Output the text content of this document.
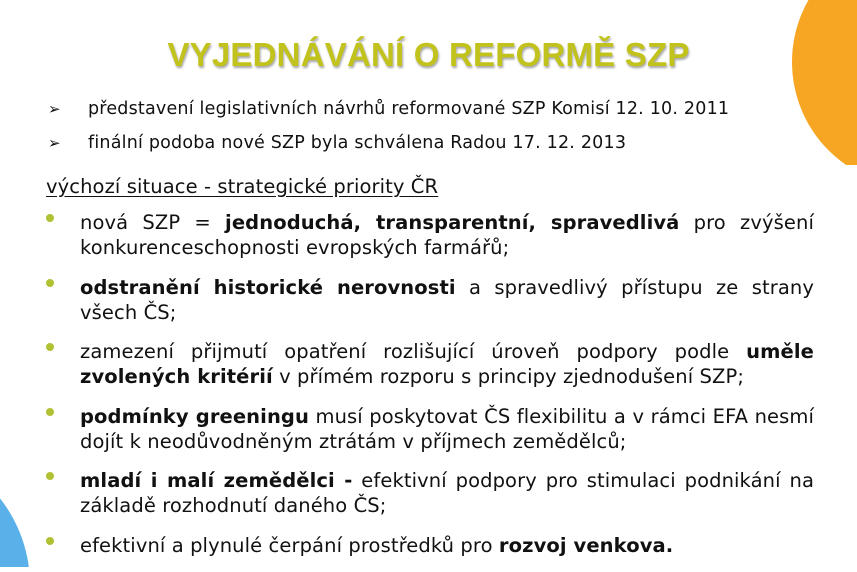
VYJEDNÁVÁNÍ O REFORMĚ SZP
➢	představení legislativních návrhů reformované SZP Komisí 12. 10. 2011
➢	finální podoba nové SZP byla schválena Radou 17. 12. 2013
výchozí situace - strategické priority ČR
nová SZP = jednoduchá, transparentní, spravedlivá pro zvýšení konkurenceschopnosti evropských farmářů;
odstranění historické nerovnosti a spravedlivý přístupu ze strany všech ČS;
zamezení přijmutí opatření rozlišující úroveň podpory podle uměle zvolených kritérií v přímém rozporu s principy zjednodušení SZP;
podmínky greeningu musí poskytovat ČS flexibilitu a v rámci EFA nesmí dojít k neodůvodněným ztrátám v příjmech zemědělců;
mladí i malí zemědělci - efektivní podpory pro stimulaci podnikání na základě rozhodnutí daného ČS;
efektivní a plynulé čerpání prostředků pro rozvoj venkova.
